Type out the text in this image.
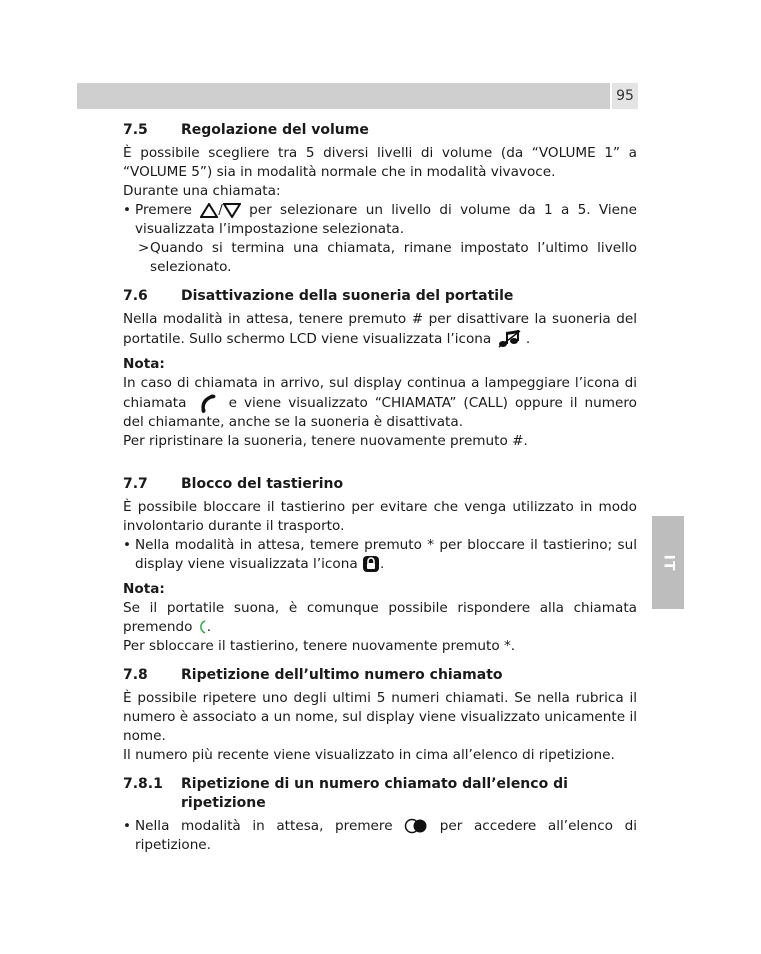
95
IT
7.5	Regolazione del volume

È possibile scegliere tra 5 diversi livelli di volume (da “VOLUME 1” a “VOLUME 5”) sia in modalità normale che in modalità vivavoce.

Durante una chiamata:

• Premere / per selezionare un livello di volume da 1 a 5. Viene visualizzata l’impostazione selezionata.
> Quando si termina una chiamata, rimane impostato l’ultimo livello selezionato.
7.6	Disattivazione della suoneria del portatile

Nella modalità in attesa, tenere premuto # per disattivare la suoneria del portatile. Sullo schermo LCD viene visualizzata l’icona	.

Nota:

In caso di chiamata in arrivo, sul display continua a lampeggiare l’icona di chiamata	e viene visualizzato “CHIAMATA” (CALL) oppure il numero del chiamante, anche se la suoneria è disattivata.

Per ripristinare la suoneria, tenere nuovamente premuto #.

7.7	Blocco del tastierino

È possibile bloccare il tastierino per evitare che venga utilizzato in modo involontario durante il trasporto.

• Nella modalità in attesa, temere premuto * per bloccare il tastierino; sul display viene visualizzata l’icona .

Nota:

Se il portatile suona, è comunque possibile rispondere alla chiamata premendo .

Per sbloccare il tastierino, tenere nuovamente premuto *.

7.8	Ripetizione dell’ultimo numero chiamato

È possibile ripetere uno degli ultimi 5 numeri chiamati. Se nella rubrica il numero è associato a un nome, sul display viene visualizzato unicamente il nome.

Il numero più recente viene visualizzato in cima all’elenco di ripetizione.

7.8.1	Ripetizione di un numero chiamato dall’elenco di ripetizione
• Nella modalità in attesa, premere	per accedere all’elenco di ripetizione.
